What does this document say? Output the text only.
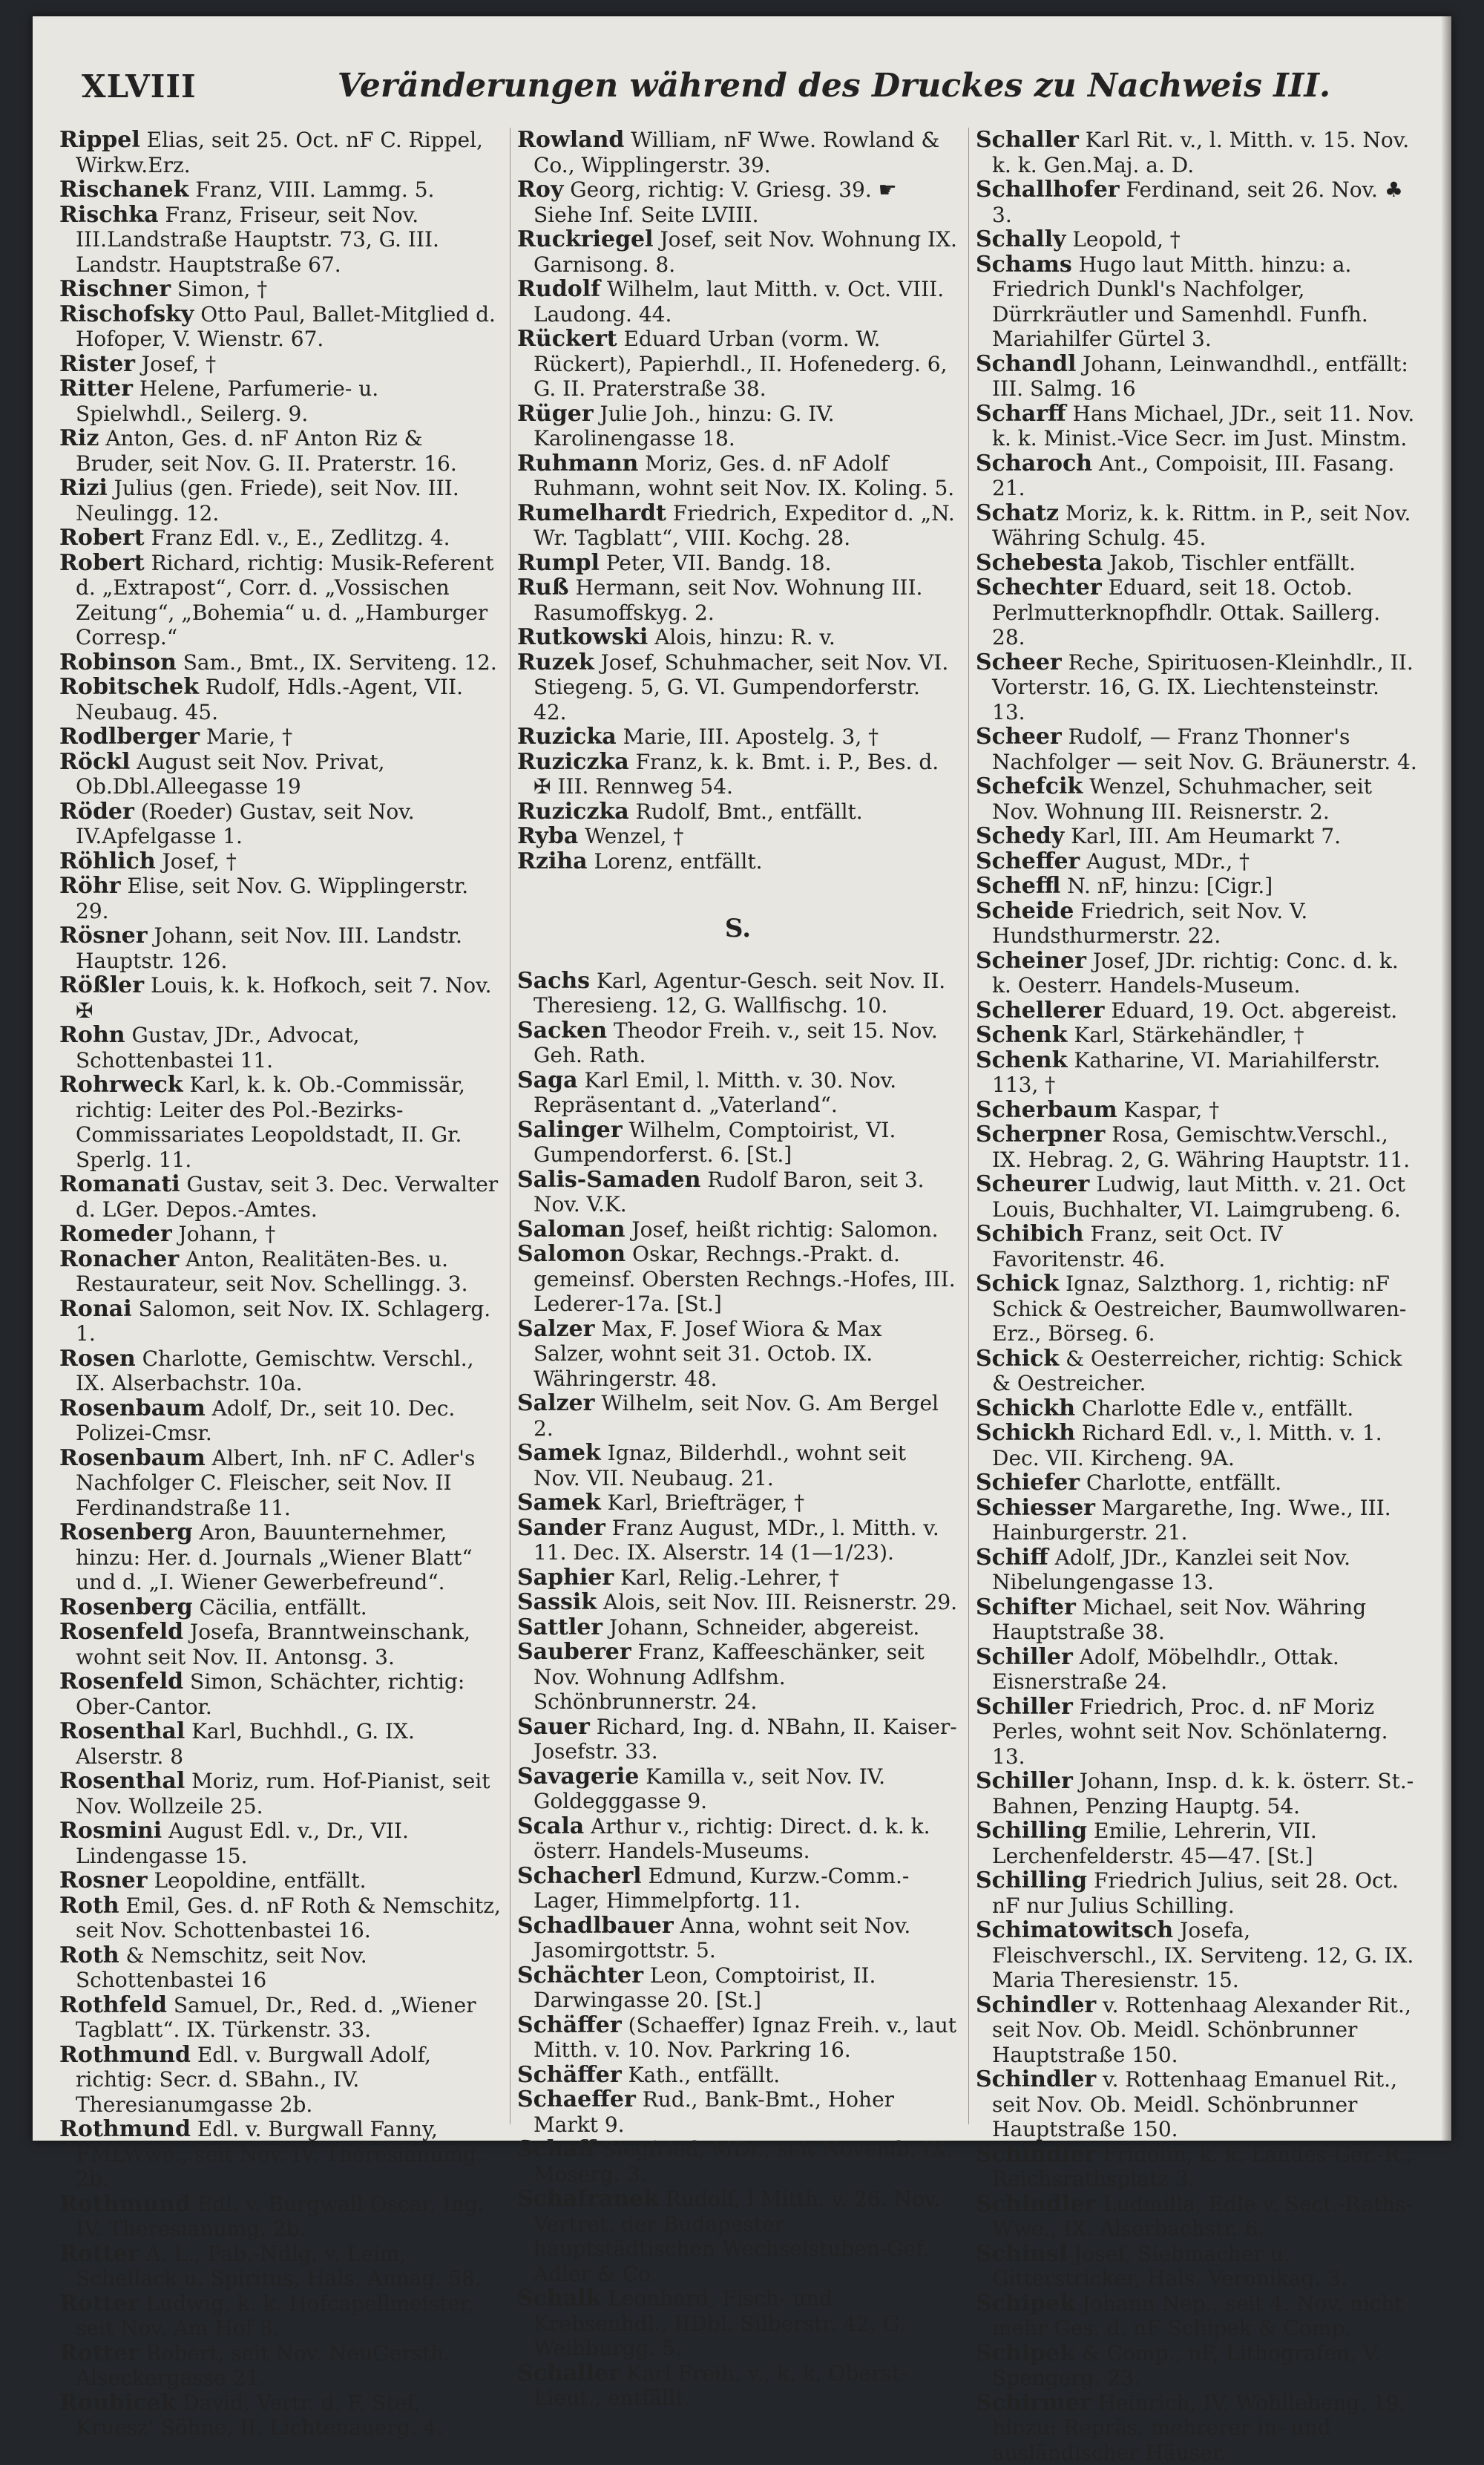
XLVIII	Veränderungen während des Druckes zu Nachweis III.

Rippel Elias, seit 25. Oct. nF C. Rippel, Wirkw.Erz.

Rischanek Franz, VIII. Lammg. 5.

Rischka Franz, Friseur, seit Nov. III.Landstraße Hauptstr. 73, G. III. Landstr. Hauptstraße 67.

Rischner Simon, †

Rischofsky Otto Paul, Ballet-Mitglied d. Hofoper, V. Wienstr. 67.

Rister Josef, †

Ritter Helene, Parfumerie- u. Spielwhdl., Seilerg. 9.

Riz Anton, Ges. d. nF Anton Riz & Bruder, seit Nov. G. II. Praterstr. 16.

Rizi Julius (gen. Friede), seit Nov. III. Neulingg. 12.

Robert Franz Edl. v., E., Zedlitzg. 4.

Robert Richard, richtig: Musik-Referent d. „Extrapost“, Corr. d. „Vossischen Zeitung“, „Bohemia“ u. d. „Hamburger Corresp.“

Robinson Sam., Bmt., IX. Serviteng. 12.

Robitschek Rudolf, Hdls.-Agent, VII. Neubaug. 45.

Rodlberger Marie, †

Röckl August seit Nov. Privat, Ob.Dbl.Alleegasse 19

Röder (Roeder) Gustav, seit Nov. IV.Apfelgasse 1.

Röhlich Josef, †

Röhr Elise, seit Nov. G. Wipplingerstr. 29.

Rösner Johann, seit Nov. III. Landstr. Hauptstr. 126.

Rößler Louis, k. k. Hofkoch, seit 7. Nov. ✠

Rohn Gustav, JDr., Advocat, Schottenbastei 11.

Rohrweck Karl, k. k. Ob.-Commissär, richtig: Leiter des Pol.-Bezirks-Commissariates Leopoldstadt, II. Gr. Sperlg. 11.

Romanati Gustav, seit 3. Dec. Verwalter d. LGer. Depos.-Amtes.

Romeder Johann, †

Ronacher Anton, Realitäten-Bes. u. Restaurateur, seit Nov. Schellingg. 3.

Ronai Salomon, seit Nov. IX. Schlagerg. 1.

Rosen Charlotte, Gemischtw. Verschl., IX. Alserbachstr. 10a.

Rosenbaum Adolf, Dr., seit 10. Dec. Polizei-Cmsr.

Rosenbaum Albert, Inh. nF C. Adler's Nachfolger C. Fleischer, seit Nov. II Ferdinandstraße 11.

Rosenberg Aron, Bauunternehmer, hinzu: Her. d. Journals „Wiener Blatt“ und d. „I. Wiener Gewerbefreund“.

Rosenberg Cäcilia, entfällt.

Rosenfeld Josefa, Branntweinschank, wohnt seit Nov. II. Antonsg. 3.

Rosenfeld Simon, Schächter, richtig: Ober-Cantor.

Rosenthal Karl, Buchhdl., G. IX. Alserstr. 8

Rosenthal Moriz, rum. Hof-Pianist, seit Nov. Wollzeile 25.

Rosmini August Edl. v., Dr., VII. Lindengasse 15.

Rosner Leopoldine, entfällt.

Roth Emil, Ges. d. nF Roth & Nemschitz, seit Nov. Schottenbastei 16.

Roth & Nemschitz, seit Nov. Schottenbastei 16

Rothfeld Samuel, Dr., Red. d. „Wiener Tagblatt“. IX. Türkenstr. 33.

Rothmund Edl. v. Burgwall Adolf, richtig: Secr. d. SBahn., IV. Theresianumgasse 2b.

Rothmund Edl. v. Burgwall Fanny, FMLWwe., seit Nov. IV. Theresianumg. 2b.

Rothmund Edl. v. Burgwall Oscar, Ing. IV. Theresianumg. 2b.

Rotter A. L., Fab.-Ndlg. v. Leim, Schellack u. Spiritus, Hals. Annag. 58.

Rotter Ludwig, k. k. Hofcapellmeister, seit Nov. Am Hof 8.

Rotter Robert, seit Nov. NeuGersth. Alseckergasse 21.

Roubicek David, Vertr. d. F. Stef. Kruesz' Söhne, II. Lichtenauerg. 4.

Rowland William, nF Wwe. Rowland & Co., Wipplingerstr. 39.

Roy Georg, richtig: V. Griesg. 39. ☛ Siehe Inf. Seite LVIII.

Ruckriegel Josef, seit Nov. Wohnung IX. Garnisong. 8.

Rudolf Wilhelm, laut Mitth. v. Oct. VIII. Laudong. 44.

Rückert Eduard Urban (vorm. W. Rückert), Papierhdl., II. Hofenederg. 6, G. II. Praterstraße 38.

Rüger Julie Joh., hinzu: G. IV. Karolinengasse 18.

Ruhmann Moriz, Ges. d. nF Adolf Ruhmann, wohnt seit Nov. IX. Koling. 5.

Rumelhardt Friedrich, Expeditor d. „N. Wr. Tagblatt“, VIII. Kochg. 28.

Rumpl Peter, VII. Bandg. 18.

Ruß Hermann, seit Nov. Wohnung III. Rasumoffskyg. 2.

Rutkowski Alois, hinzu: R. v.

Ruzek Josef, Schuhmacher, seit Nov. VI. Stiegeng. 5, G. VI. Gumpendorferstr. 42.

Ruzicka Marie, III. Apostelg. 3, †

Ruziczka Franz, k. k. Bmt. i. P., Bes. d. ✠ III. Rennweg 54.

Ruziczka Rudolf, Bmt., entfällt.

Ryba Wenzel, †

Rziha Lorenz, entfällt.

S.

Sachs Karl, Agentur-Gesch. seit Nov. II. Theresieng. 12, G. Wallfischg. 10.

Sacken Theodor Freih. v., seit 15. Nov. Geh. Rath.

Saga Karl Emil, l. Mitth. v. 30. Nov. Repräsentant d. „Vaterland“.

Salinger Wilhelm, Comptoirist, VI. Gumpendorferst. 6. [St.]

Salis-Samaden Rudolf Baron, seit 3. Nov. V.K.

Saloman Josef, heißt richtig: Salomon.

Salomon Oskar, Rechngs.-Prakt. d. gemeinsf. Obersten Rechngs.-Hofes, III. Lederer-17a. [St.]

Salzer Max, F. Josef Wiora & Max Salzer, wohnt seit 31. Octob. IX. Währingerstr. 48.

Salzer Wilhelm, seit Nov. G. Am Bergel 2.

Samek Ignaz, Bilderhdl., wohnt seit Nov. VII. Neubaug. 21.

Samek Karl, Briefträger, †

Sander Franz August, MDr., l. Mitth. v. 11. Dec. IX. Alserstr. 14 (1—1/23).

Saphier Karl, Relig.-Lehrer, †

Sassik Alois, seit Nov. III. Reisnerstr. 29.

Sattler Johann, Schneider, abgereist.

Sauberer Franz, Kaffeeschänker, seit Nov. Wohnung Adlfshm. Schönbrunnerstr. 24.

Sauer Richard, Ing. d. NBahn, II. Kaiser-Josefstr. 33.

Savagerie Kamilla v., seit Nov. IV. Goldegggasse 9.

Scala Arthur v., richtig: Direct. d. k. k. österr. Handels-Museums.

Schacherl Edmund, Kurzw.-Comm.-Lager, Himmelpfortg. 11.

Schadlbauer Anna, wohnt seit Nov. Jasomirgottstr. 5.

Schächter Leon, Comptoirist, II. Darwingasse 20. [St.]

Schäffer (Schaeffer) Ignaz Freih. v., laut Mitth. v. 10. Nov. Parkring 16.

Schäffer Kath., entfällt.

Schaeffer Rud., Bank-Bmt., Hoher Markt 9.

Schaff Siegfried, MDr., seit Novemb. IX. Moserg. 3.

Schafranek Rudolf, l Mitth. v. 26. Nov. Vertret. der Budapester hauptstädtischen Wechselstuben-Gef. Adler & Co.

Schalk Leonhard, Fisch- und Krebsenhdl., IIDbl. Silberstr. 42, G. Weihburgg. 5.

Schaller Karl Freih. v., k. k. Oberst-Lieut., entfällt.

Schaller Karl Rit. v., l. Mitth. v. 15. Nov. k. k. Gen.Maj. a. D.

Schallhofer Ferdinand, seit 26. Nov. ♣ 3.

Schally Leopold, †

Schams Hugo laut Mitth. hinzu: a. Friedrich Dunkl's Nachfolger, Dürrkräutler und Samenhdl. Funfh. Mariahilfer Gürtel 3.

Schandl Johann, Leinwandhdl., entfällt: III. Salmg. 16

Scharff Hans Michael, JDr., seit 11. Nov. k. k. Minist.-Vice Secr. im Just. Minstm.

Scharoch Ant., Compoisit, III. Fasang. 21.

Schatz Moriz, k. k. Rittm. in P., seit Nov. Währing Schulg. 45.

Schebesta Jakob, Tischler entfällt.

Schechter Eduard, seit 18. Octob. Perlmutterknopfhdlr. Ottak. Saillerg. 28.

Scheer Reche, Spirituosen-Kleinhdlr., II. Vorterstr. 16, G. IX. Liechtensteinstr. 13.

Scheer Rudolf, — Franz Thonner's Nachfolger — seit Nov. G. Bräunerstr. 4.

Schefcik Wenzel, Schuhmacher, seit Nov. Wohnung III. Reisnerstr. 2.

Schedy Karl, III. Am Heumarkt 7.

Scheffer August, MDr., †

Scheffl N. nF, hinzu: [Cigr.]

Scheide Friedrich, seit Nov. V. Hundsthurmerstr. 22.

Scheiner Josef, JDr. richtig: Conc. d. k. k. Oesterr. Handels-Museum.

Schellerer Eduard, 19. Oct. abgereist.

Schenk Karl, Stärkehändler, †

Schenk Katharine, VI. Mariahilferstr. 113, †

Scherbaum Kaspar, †

Scherpner Rosa, Gemischtw.Verschl., IX. Hebrag. 2, G. Währing Hauptstr. 11.

Scheurer Ludwig, laut Mitth. v. 21. Oct Louis, Buchhalter, VI. Laimgrubeng. 6.

Schibich Franz, seit Oct. IV Favoritenstr. 46.

Schick Ignaz, Salzthorg. 1, richtig: nF Schick & Oestreicher, Baumwollwaren-Erz., Börseg. 6.

Schick & Oesterreicher, richtig: Schick & Oestreicher.

Schickh Charlotte Edle v., entfällt.

Schickh Richard Edl. v., l. Mitth. v. 1. Dec. VII. Kircheng. 9A.

Schiefer Charlotte, entfällt.

Schiesser Margarethe, Ing. Wwe., III. Hainburgerstr. 21.

Schiff Adolf, JDr., Kanzlei seit Nov. Nibelungengasse 13.

Schifter Michael, seit Nov. Währing Hauptstraße 38.

Schiller Adolf, Möbelhdlr., Ottak. Eisnerstraße 24.

Schiller Friedrich, Proc. d. nF Moriz Perles, wohnt seit Nov. Schönlaterng. 13.

Schiller Johann, Insp. d. k. k. österr. St.-Bahnen, Penzing Hauptg. 54.

Schilling Emilie, Lehrerin, VII. Lerchenfelderstr. 45—47. [St.]

Schilling Friedrich Julius, seit 28. Oct. nF nur Julius Schilling.

Schimatowitsch Josefa, Fleischverschl., IX. Serviteng. 12, G. IX. Maria Theresienstr. 15.

Schindler v. Rottenhaag Alexander Rit., seit Nov. Ob. Meidl. Schönbrunner Hauptstraße 150.

Schindler v. Rottenhaag Emanuel Rit., seit Nov. Ob. Meidl. Schönbrunner Hauptstraße 150.

Schindler Fridolin, k. k. Landes-Ger.-R., Reichsrathsplatz 3.

Schindler Ludmilla, Edle v. Sect.-Raths-Wwe., IX. Alserbachstr. 6.

Schinsl Josef, Siebmacher u. Gitterstricker, Hals. Veronikag. 3.

Schipek Johann Nep., seit 4. Nov. nicht mehr Ges. d. nF Schipek & Comp.

Schipek & Comp., nF, Lithografen, V. Spengerg. 23.

Schirmer Heinrich, IV. Wohllebeng. 19, hinzu: Repräs. mehrerer in- und ausländischer Häuser.
